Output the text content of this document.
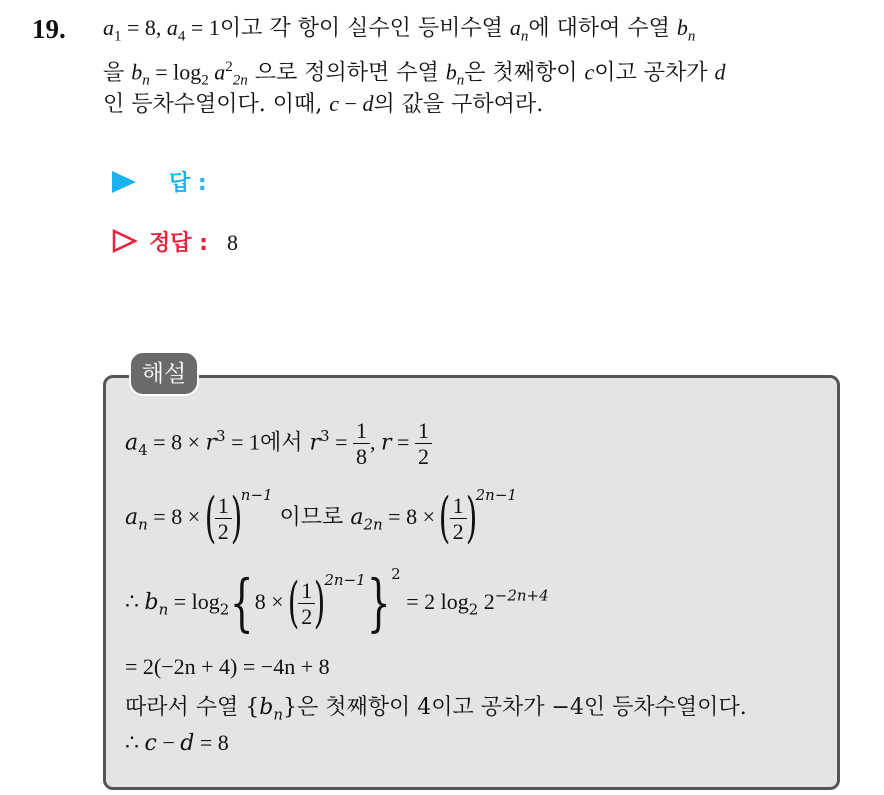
19. $a_1 = 8$, $a_4 = 1$이고 각 항이 실수인 등비수열 $a_n$에 대하여 수열 $b_n$
을 $b_n = \log_2 a^2_{2n}$ 으로 정의하면 수열 $b_n$은 첫째항이 c이고 공차가 d
인 등차수열이다. 이때, c − d의 값을 구하여라.
답 :
정답 : 8
해설
$a_4 = 8 \times r^3 = 1$에서 $r^3 = \frac{1}{8}$ , $r = \frac{1}{2}$
$a_n = 8$ × (
$\frac{1}{2}$
)$^{n-1}$ 이므로 $a_{2n} = 8$ × (
$\frac{1}{2}$
)$^{2n-1}$
∴ $b_n = \log_2\{8$ × (
$\frac{1}{2}$
)$^{2n-1}$}$^2$ = 2 $\log_2 2^{-2n+4}$
= 2(−2n + 4) = −4n + 8
따라서 수열 $\{b_n\}$은 첫째항이 4이고 공차가 −4인 등차수열이다.
∴ c − d = 8
